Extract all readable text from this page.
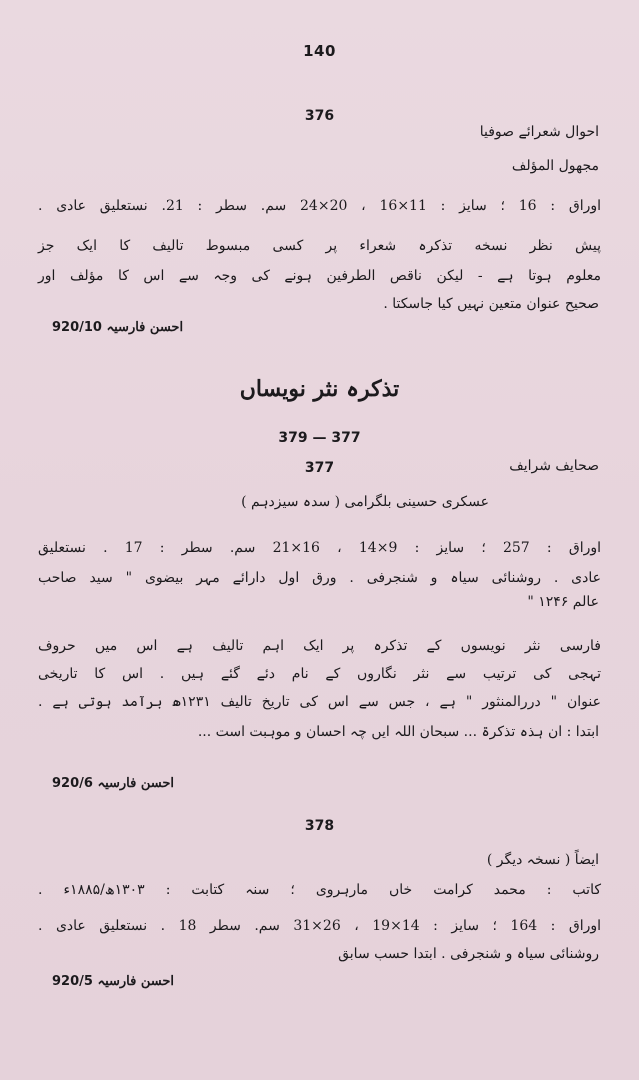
140
376
احوال شعرائے صوفیا
مجهول المؤلف
اوراق : 16 ؛ سایز : 11×16 ، 20×24 سم. سطر : 21. نستعلیق عادی .
پیش نظر نسخه تذکرہ شعراء پر کسی مبسوط تالیف کا ایک جز
معلوم ہوتا ہے - لیکن ناقص الطرفین ہونے کی وجہ سے اس کا مؤلف اور
صحیح عنوان متعین نہیں کیا جاسکتا .
920/10 احسن فارسیہ
تذکرہ نثر نویساں
379 — 377
377	صحایف شرایف
عسکری حسینی بلگرامی ( سدہ سیزدہم )
اوراق : 257 ؛ سایز : 9×14 ، 16×21 سم. سطر : 17 . نستعلیق
عادی . روشنائی سیاہ و شنجرفی . ورق اول دارائے مہر بیضوی " سید صاحب
عالم ۱۲۴۶ "
فارسی نثر نویسوں کے تذکرہ پر ایک اہم تالیف ہے اس میں حروف
تہجی کی ترتیب سے نثر نگاروں کے نام دئے گئے ہیں . اس کا تاریخی
عنوان " دررالمنثور " ہے ، جس سے اس کی تاریخ تالیف ۱۲۳۱ھ برآمد ہوتی ہے .
ابتدا : ان ہذہ تذکرۃ ... سبحان اللہ ایں چہ احسان و موہبت است ...
920/6 احسن فارسیہ
378
ایضاً ( نسخہ دیگر )
کاتب : محمد کرامت خاں مارہروی ؛ سنہ کتابت : ۱۳۰۳ھ/۱۸۸۵ء .
اوراق : 164 ؛ سایز : 14×19 ، 26×31 سم. سطر 18 . نستعلیق عادی .
روشنائی سیاہ و شنجرفی . ابتدا حسب سابق
920/5 احسن فارسیہ
